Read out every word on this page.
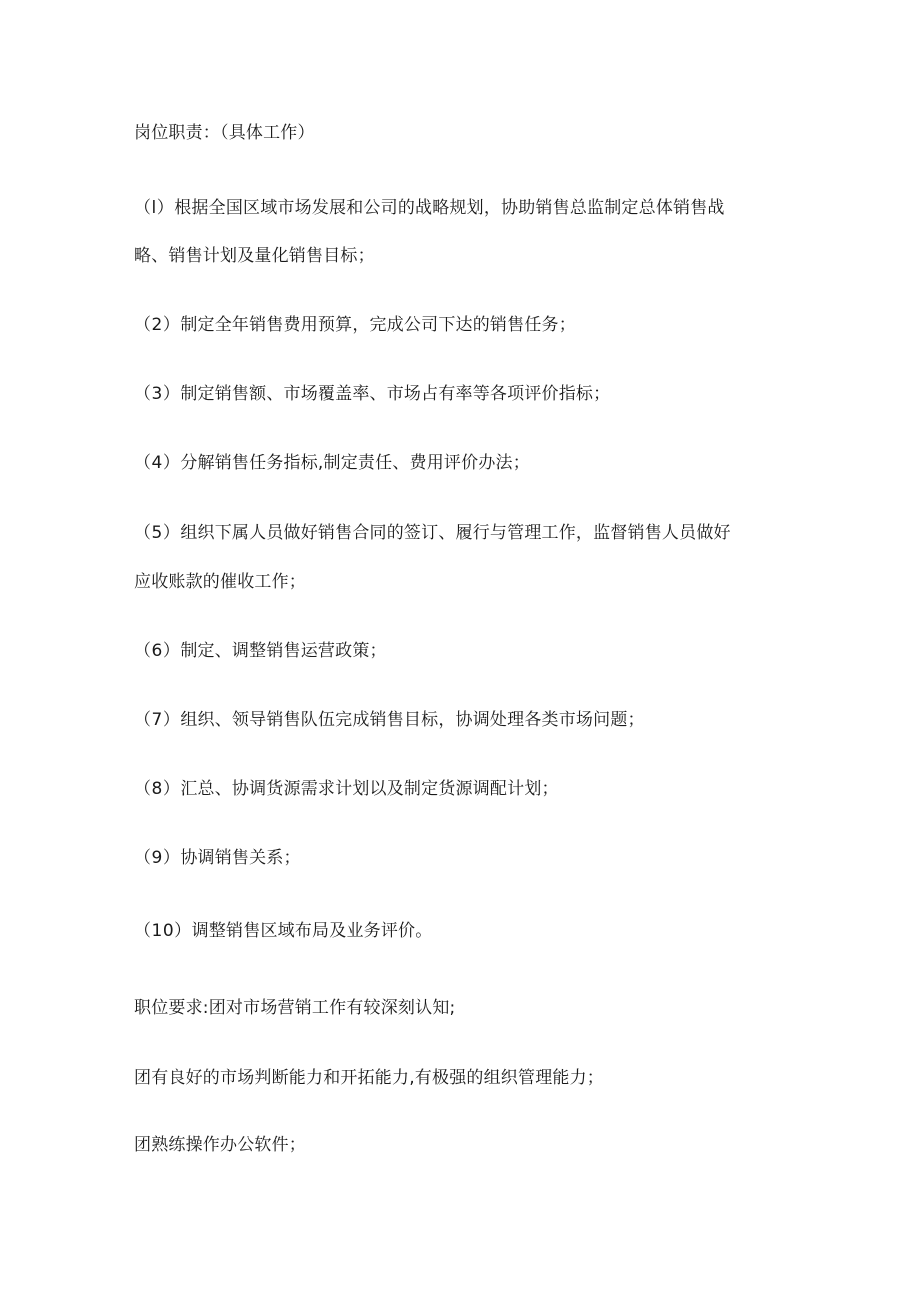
岗位职责：（具体工作）
（l）根据全国区域市场发展和公司的战略规划，协助销售总监制定总体销售战
略、销售计划及量化销售目标；
（2）制定全年销售费用预算，完成公司下达的销售任务；
（3）制定销售额、市场覆盖率、市场占有率等各项评价指标；
（4）分解销售任务指标,制定责任、费用评价办法；
（5）组织下属人员做好销售合同的签订、履行与管理工作，监督销售人员做好
应收账款的催收工作；
（6）制定、调整销售运营政策；
（7）组织、领导销售队伍完成销售目标，协调处理各类市场问题；
（8）汇总、协调货源需求计划以及制定货源调配计划；
（9）协调销售关系；
（10）调整销售区域布局及业务评价。
职位要求:团对市场营销工作有较深刻认知;
团有良好的市场判断能力和开拓能力,有极强的组织管理能力；
团熟练操作办公软件；
